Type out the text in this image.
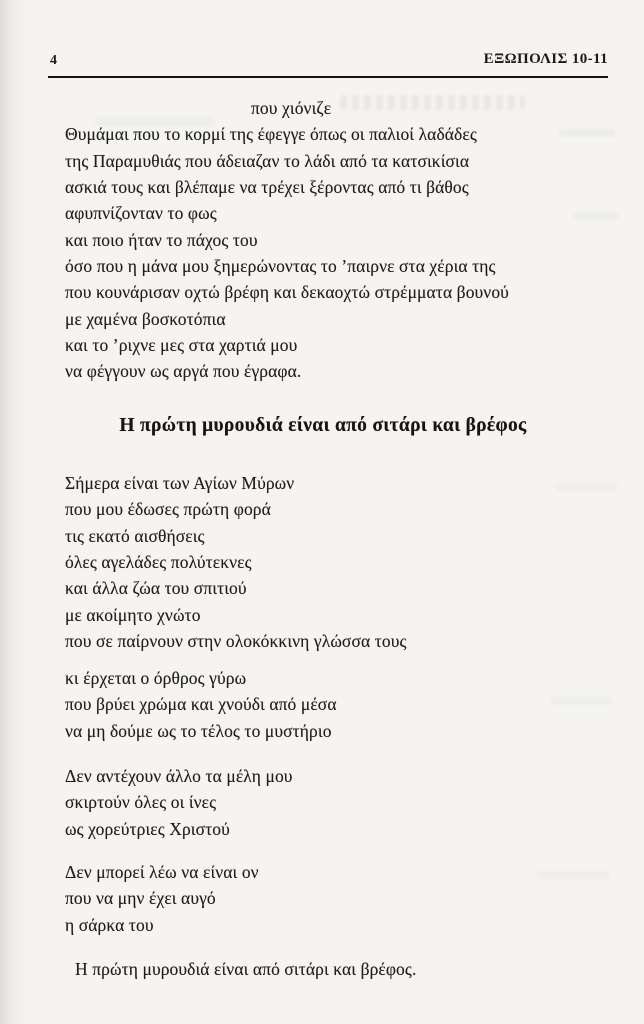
4	ΕΞΩΠΟΛΙΣ 10-11
που χιόνιζε
Θυμάμαι που το κορμί της έφεγγε όπως οι παλιοί λαδάδες
της Παραμυθιάς που άδειαζαν το λάδι από τα κατσικίσια
ασκιά τους και βλέπαμε να τρέχει ξέροντας από τι βάθος
αφυπνίζονταν το φως
και ποιο ήταν το πάχος του
όσο που η μάνα μου ξημερώνοντας το ’παιρνε στα χέρια της
που κουνάρισαν οχτώ βρέφη και δεκαοχτώ στρέμματα βουνού
με χαμένα βοσκοτόπια
και το ’ριχνε μες στα χαρτιά μου
να φέγγουν ως αργά που έγραφα.
Η πρώτη μυρουδιά είναι από σιτάρι και βρέφος
Σήμερα είναι των Αγίων Μύρων
που μου έδωσες πρώτη φορά
τις εκατό αισθήσεις
όλες αγελάδες πολύτεκνες
και άλλα ζώα του σπιτιού
με ακοίμητο χνώτο
που σε παίρνουν στην ολοκόκκινη γλώσσα τους
κι έρχεται ο όρθρος γύρω
που βρύει χρώμα και χνούδι από μέσα
να μη δούμε ως το τέλος το μυστήριο
Δεν αντέχουν άλλο τα μέλη μου
σκιρτούν όλες οι ίνες
ως χορεύτριες Χριστού
Δεν μπορεί λέω να είναι ον
που να μην έχει αυγό
η σάρκα του
Η πρώτη μυρουδιά είναι από σιτάρι και βρέφος.
